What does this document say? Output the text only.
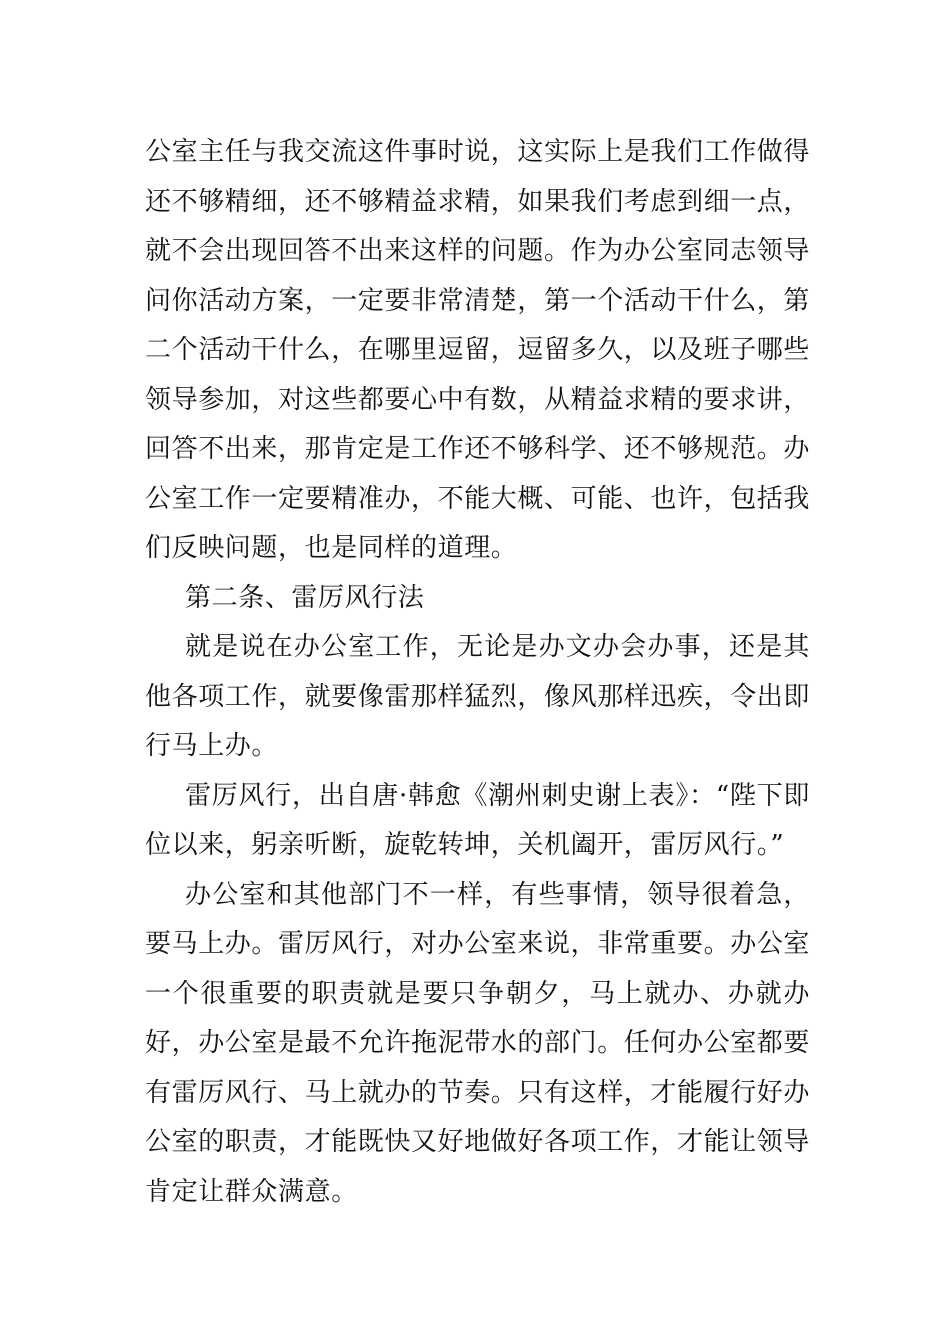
公室主任与我交流这件事时说，这实际上是我们工作做得还不够精细，还不够精益求精，如果我们考虑到细一点，就不会出现回答不出来这样的问题。作为办公室同志领导问你活动方案，一定要非常清楚，第一个活动干什么，第二个活动干什么，在哪里逗留，逗留多久，以及班子哪些领导参加，对这些都要心中有数，从精益求精的要求讲，回答不出来，那肯定是工作还不够科学、还不够规范。办公室工作一定要精准办，不能大概、可能、也许，包括我们反映问题，也是同样的道理。

第二条、雷厉风行法

就是说在办公室工作，无论是办文办会办事，还是其他各项工作，就要像雷那样猛烈，像风那样迅疾，令出即行马上办。

雷厉风行，出自唐·韩愈《潮州刺史谢上表》：“陛下即位以来，躬亲听断，旋乾转坤，关机阖开，雷厉风行。”

办公室和其他部门不一样，有些事情，领导很着急，要马上办。雷厉风行，对办公室来说，非常重要。办公室一个很重要的职责就是要只争朝夕，马上就办、办就办好，办公室是最不允许拖泥带水的部门。任何办公室都要有雷厉风行、马上就办的节奏。只有这样，才能履行好办公室的职责，才能既快又好地做好各项工作，才能让领导肯定让群众满意。
